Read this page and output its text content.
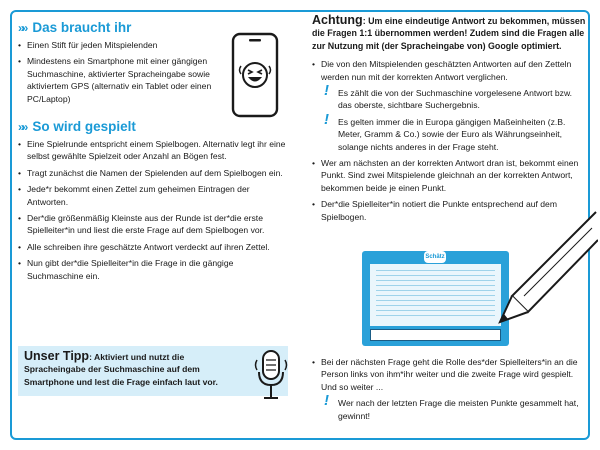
»» Das braucht ihr
• Einen Stift für jeden Mitspielenden
• Mindestens ein Smartphone mit einer gängigen Suchmaschine, aktivierter Spracheingabe sowie aktiviertem GPS (alternativ ein Tablet oder einen PC/Laptop)
»» So wird gespielt
• Eine Spielrunde entspricht einem Spielbogen. Alternativ legt ihr eine selbst gewählte Spielzeit oder Anzahl an Bögen fest.
• Tragt zunächst die Namen der Spielenden auf dem Spielbogen ein.
• Jede*r bekommt einen Zettel zum geheimen Eintragen der Antworten.
• Der*die größenmäßig Kleinste aus der Runde ist der*die erste Spielleiter*in und liest die erste Frage auf dem Spielbogen vor.
• Alle schreiben ihre geschätzte Antwort verdeckt auf ihren Zettel.
• Nun gibt der*die Spielleiter*in die Frage in die gängige Suchmaschine ein.
Unser Tipp: Aktiviert und nutzt die Spracheingabe der Suchmaschine auf dem Smartphone und lest die Frage einfach laut vor.
Achtung: Um eine eindeutige Antwort zu bekommen, müssen die Fragen 1:1 übernommen werden! Zudem sind die Fragen alle zur Nutzung mit (der Spracheingabe von) Google optimiert.
• Die von den Mitspielenden geschätzten Antworten auf den Zetteln werden nun mit der korrekten Antwort verglichen.
! Es zählt die von der Suchmaschine vorgelesene Antwort bzw. das oberste, sichtbare Suchergebnis.
! Es gelten immer die in Europa gängigen Maßeinheiten (z.B. Meter, Gramm & Co.) sowie der Euro als Währungseinheit, solange nichts anderes in der Frage steht.
• Wer am nächsten an der korrekten Antwort dran ist, bekommt einen Punkt. Sind zwei Mitspielende gleichnah an der korrekten Antwort, bekommen beide je einen Punkt.
• Der*die Spielleiter*in notiert die Punkte entsprechend auf dem Spielbogen.
Schätz
• Bei der nächsten Frage geht die Rolle des*der Spielleiters*in an die Person links von ihm*ihr weiter und die zweite Frage wird gespielt. Und so weiter ...
! Wer nach der letzten Frage die meisten Punkte gesammelt hat, gewinnt!
